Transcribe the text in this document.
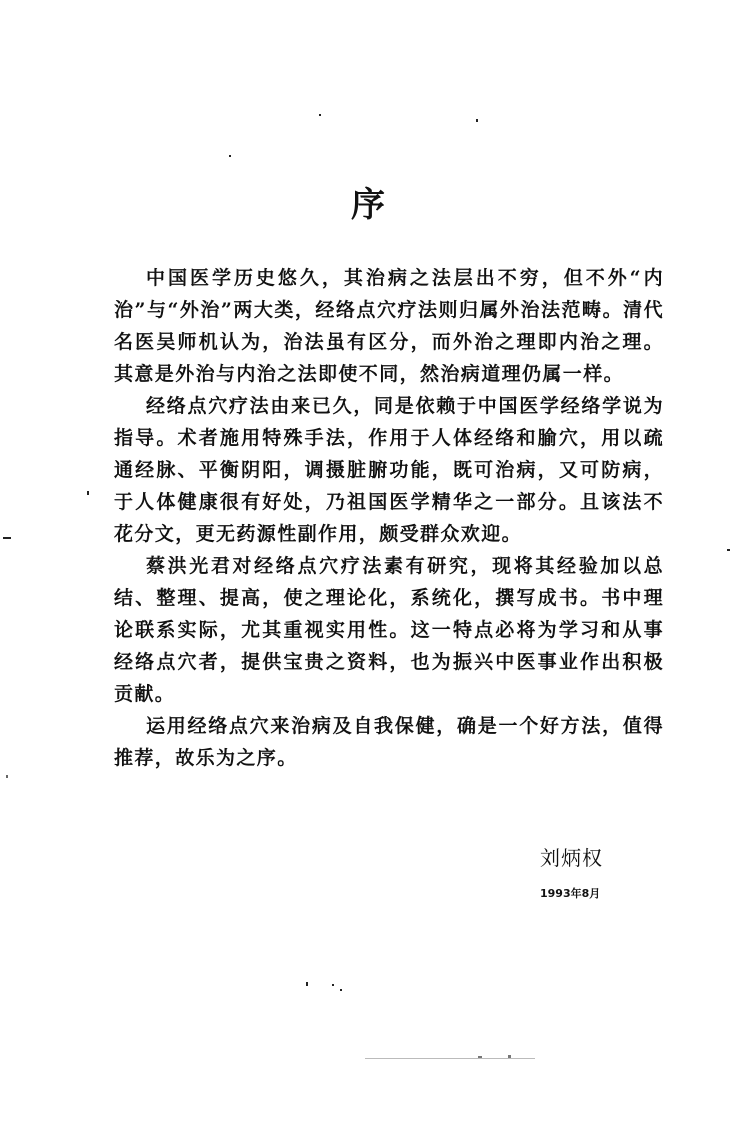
序

中国医学历史悠久，其治病之法层出不穷，但不外“内治”与“外治”两大类，经络点穴疗法则归属外治法范畴。清代名医吴师机认为，治法虽有区分，而外治之理即内治之理。其意是外治与内治之法即使不同，然治病道理仍属一样。

经络点穴疗法由来已久，同是依赖于中国医学经络学说为指导。术者施用特殊手法，作用于人体经络和腧穴，用以疏通经脉、平衡阴阳，调摄脏腑功能，既可治病，又可防病，于人体健康很有好处，乃祖国医学精华之一部分。且该法不花分文，更无药源性副作用，颇受群众欢迎。

蔡洪光君对经络点穴疗法素有研究，现将其经验加以总结、整理、提高，使之理论化，系统化，撰写成书。书中理论联系实际，尤其重视实用性。这一特点必将为学习和从事经络点穴者，提供宝贵之资料，也为振兴中医事业作出积极贡献。

运用经络点穴来治病及自我保健，确是一个好方法，值得推荐，故乐为之序。

刘炳权
1993年8月
